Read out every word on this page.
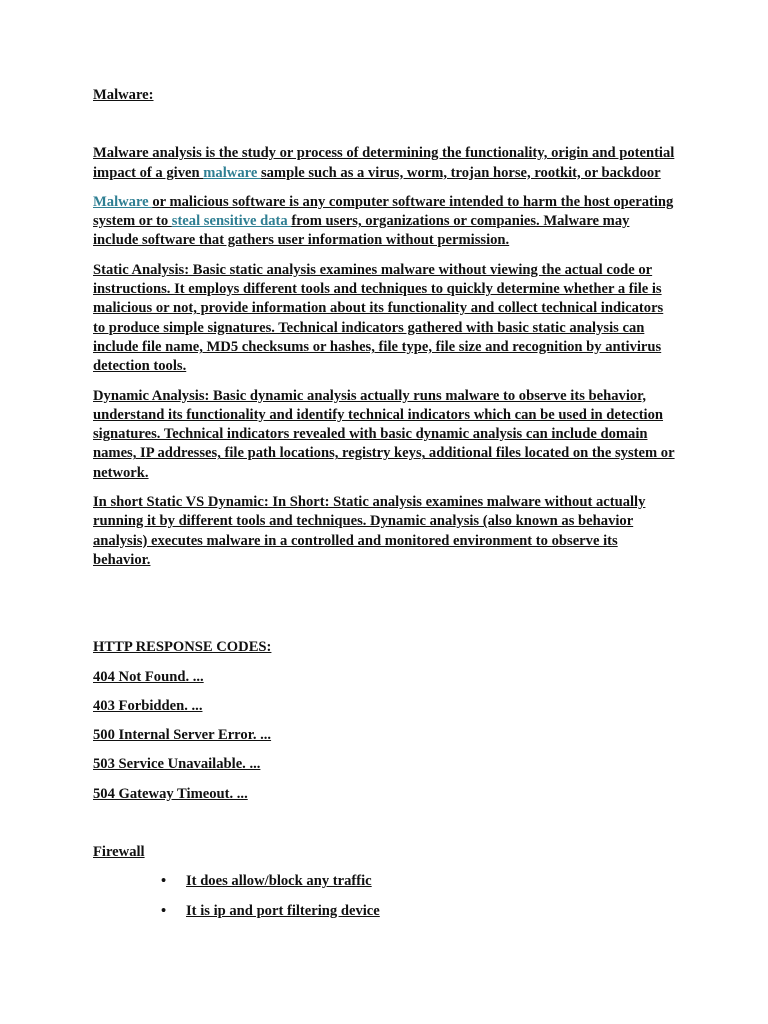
Malware:

Malware analysis is the study or process of determining the functionality, origin and potential impact of a given malware sample such as a virus, worm, trojan horse, rootkit, or backdoor

Malware or malicious software is any computer software intended to harm the host operating system or to steal sensitive data from users, organizations or companies. Malware may include software that gathers user information without permission.

Static Analysis: Basic static analysis examines malware without viewing the actual code or instructions. It employs different tools and techniques to quickly determine whether a file is malicious or not, provide information about its functionality and collect technical indicators to produce simple signatures. Technical indicators gathered with basic static analysis can include file name, MD5 checksums or hashes, file type, file size and recognition by antivirus detection tools.

Dynamic Analysis: Basic dynamic analysis actually runs malware to observe its behavior, understand its functionality and identify technical indicators which can be used in detection signatures. Technical indicators revealed with basic dynamic analysis can include domain names, IP addresses, file path locations, registry keys, additional files located on the system or network.

In short Static VS Dynamic: In Short: Static analysis examines malware without actually running it by different tools and techniques. Dynamic analysis (also known as behavior analysis) executes malware in a controlled and monitored environment to observe its behavior.

HTTP RESPONSE CODES:

404 Not Found. ...

403 Forbidden. ...

500 Internal Server Error. ...

503 Service Unavailable. ...

504 Gateway Timeout. ...

Firewall

• It does allow/block any traffic
• It is ip and port filtering device
